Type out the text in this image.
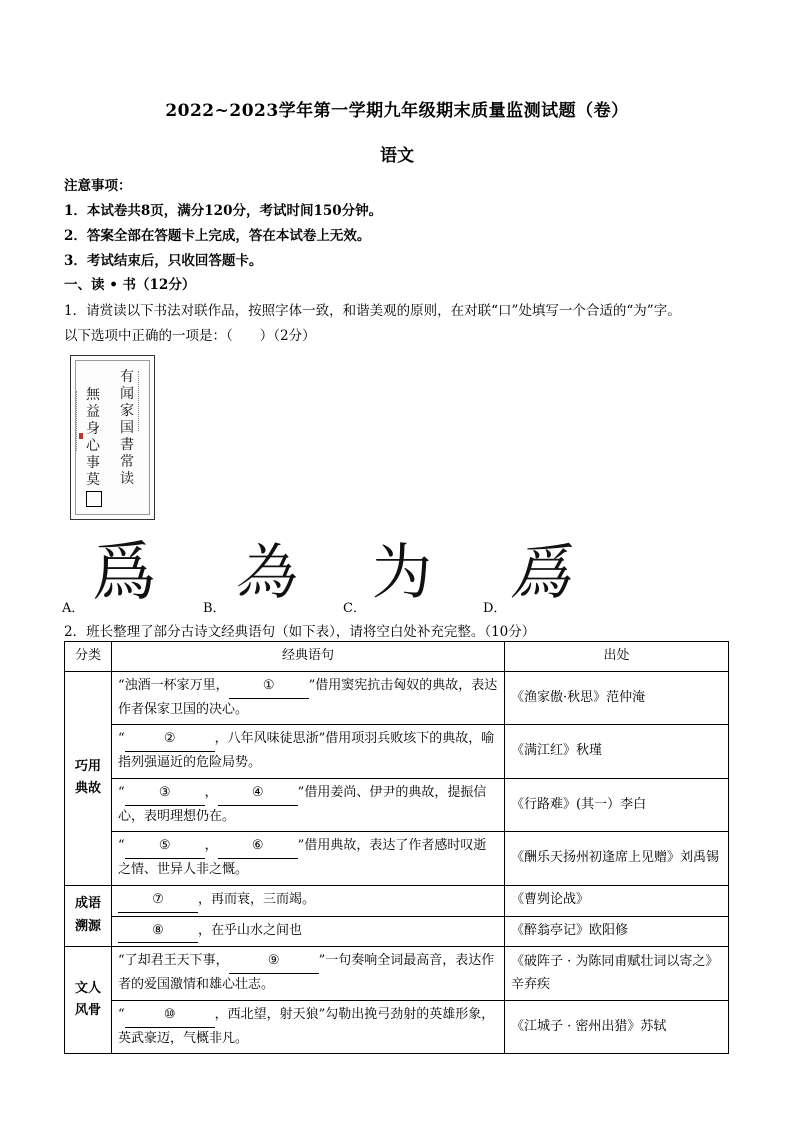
2022~2023学年第一学期九年级期末质量监测试题（卷）
语文
注意事项：
1．本试卷共8页，满分120分，考试时间150分钟。
2．答案全部在答题卡上完成，答在本试卷上无效。
3．考试结束后，只收回答题卡。
一、读 • 书（12分）
1．请赏读以下书法对联作品，按照字体一致，和谐美观的原则，在对联“口”处填写一个合适的“为”字。
以下选项中正确的一项是：（　　）（2分）
有闻家国書常读
無益身心事莫
A． 爲	B．
為
C．
为
D．
爲
2．班长整理了部分古诗文经典语句（如下表），请将空白处补充完整。（10分）
分类	经典语句	出处
巧用典故	“浊酒一杯家万里， ① ”借用窦宪抗击匈奴的典故，表达作者保家卫国的决心。	《渔家傲·秋思》范仲淹
	“ ② ，八年风味徒思浙”借用项羽兵败垓下的典故，喻指列强逼近的危险局势。	《满江红》秋瑾
	“ ③ ， ④ ”借用姜尚、伊尹的典故，提振信心，表明理想仍在。	《行路难》(其一）李白
	“ ⑤ ， ⑥ ”借用典故，表达了作者感时叹逝之情、世异人非之慨。	《酬乐天扬州初逢席上见赠》刘禹锡
成语溯源	⑦ ，再而衰，三而竭。	《曹刿论战》
	⑧ ，在乎山水之间也	《醉翁亭记》欧阳修
文人风骨	“了却君王天下事， ⑨ ”一句奏响全词最高音，表达作者的爱国激情和雄心壮志。	《破阵子 · 为陈同甫赋壮词以寄之》辛弃疾
	“ ⑩ ，西北望，射天狼”勾勒出挽弓劲射的英雄形象，英武豪迈，气概非凡。	《江城子 · 密州出猎》苏轼
